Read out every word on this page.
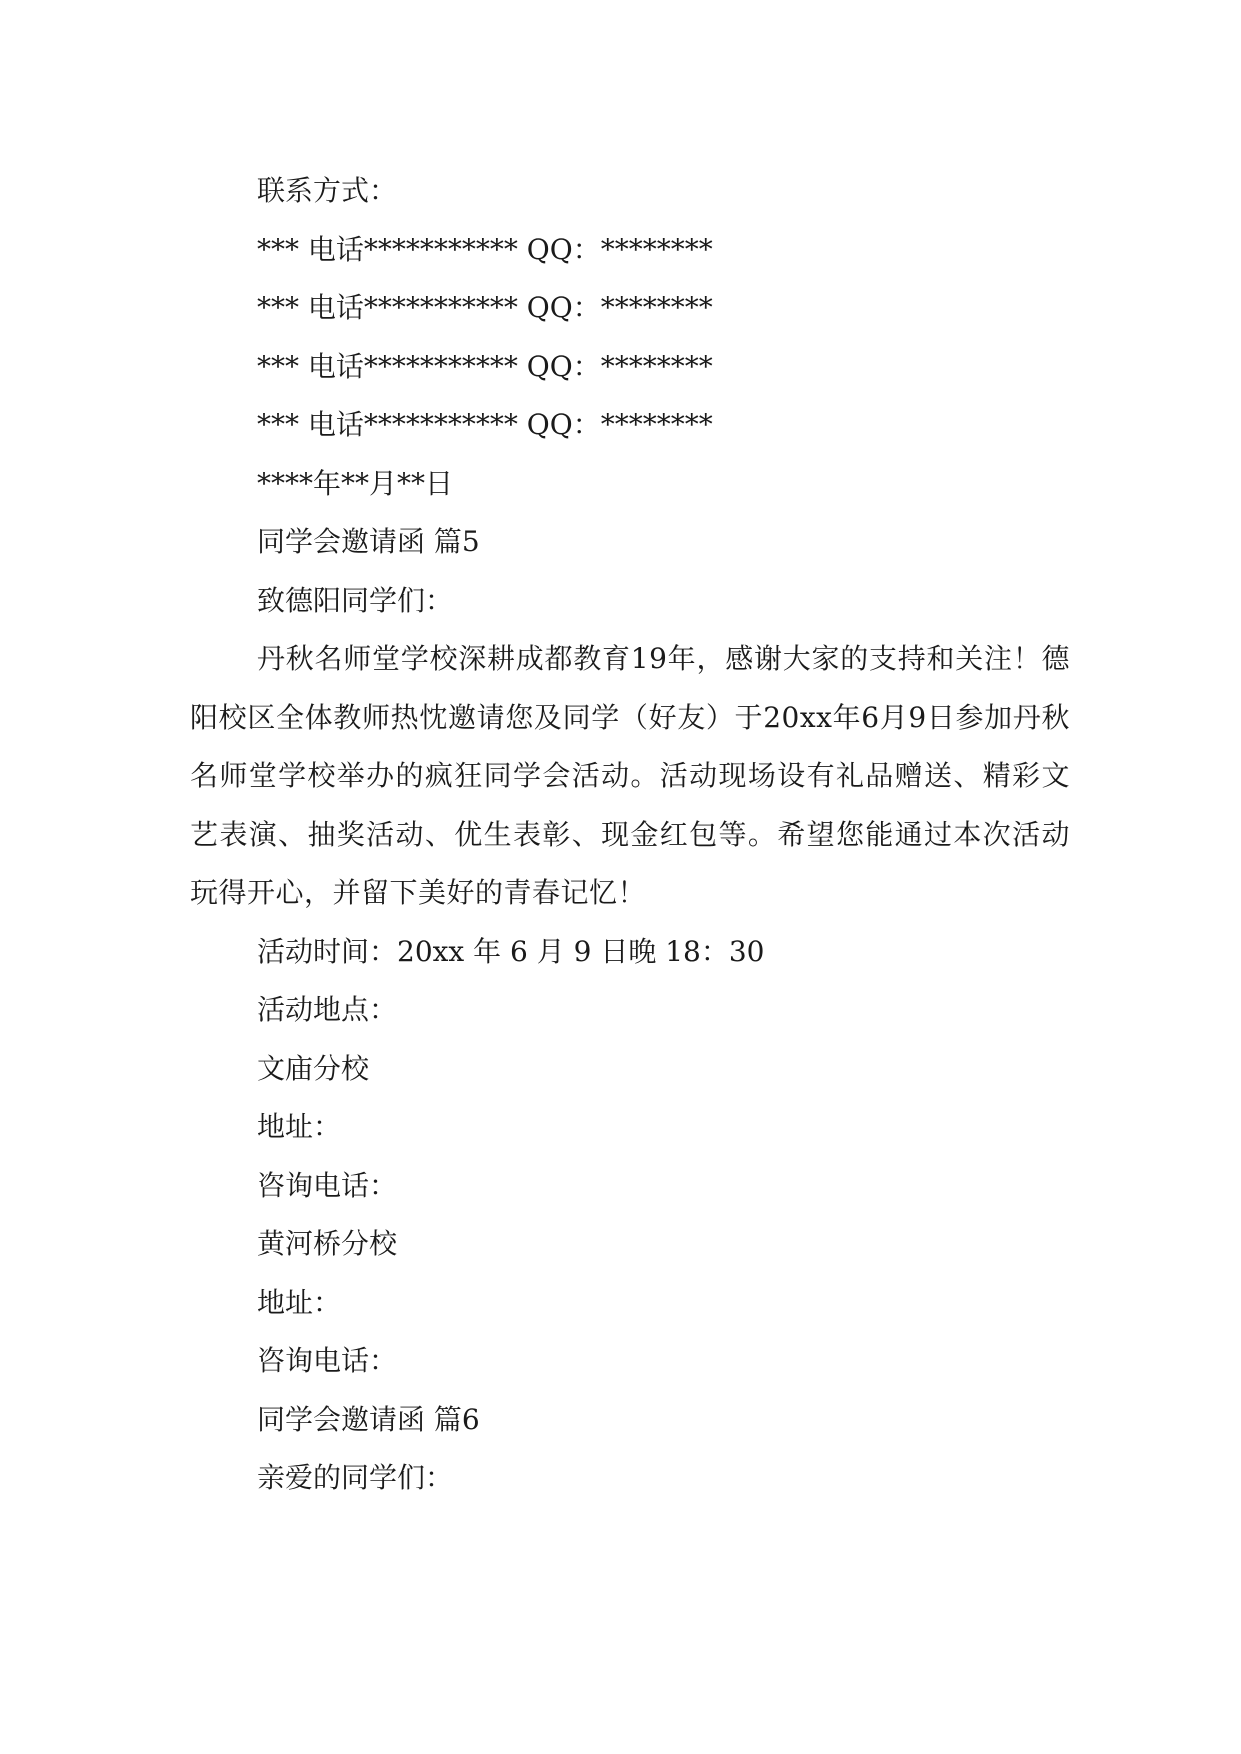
联系方式：
*** 电话*********** QQ：********
*** 电话*********** QQ：********
*** 电话*********** QQ：********
*** 电话*********** QQ：********
****年**月**日
同学会邀请函 篇5
致德阳同学们：

丹秋名师堂学校深耕成都教育19年，感谢大家的支持和关注！德阳校区全体教师热忱邀请您及同学（好友）于20xx年6月9日参加丹秋名师堂学校举办的疯狂同学会活动。活动现场设有礼品赠送、精彩文艺表演、抽奖活动、优生表彰、现金红包等。希望您能通过本次活动玩得开心，并留下美好的青春记忆！

活动时间：20xx 年 6 月 9 日晚 18：30
活动地点：
文庙分校
地址：
咨询电话：
黄河桥分校
地址：
咨询电话：
同学会邀请函 篇6
亲爱的同学们：
